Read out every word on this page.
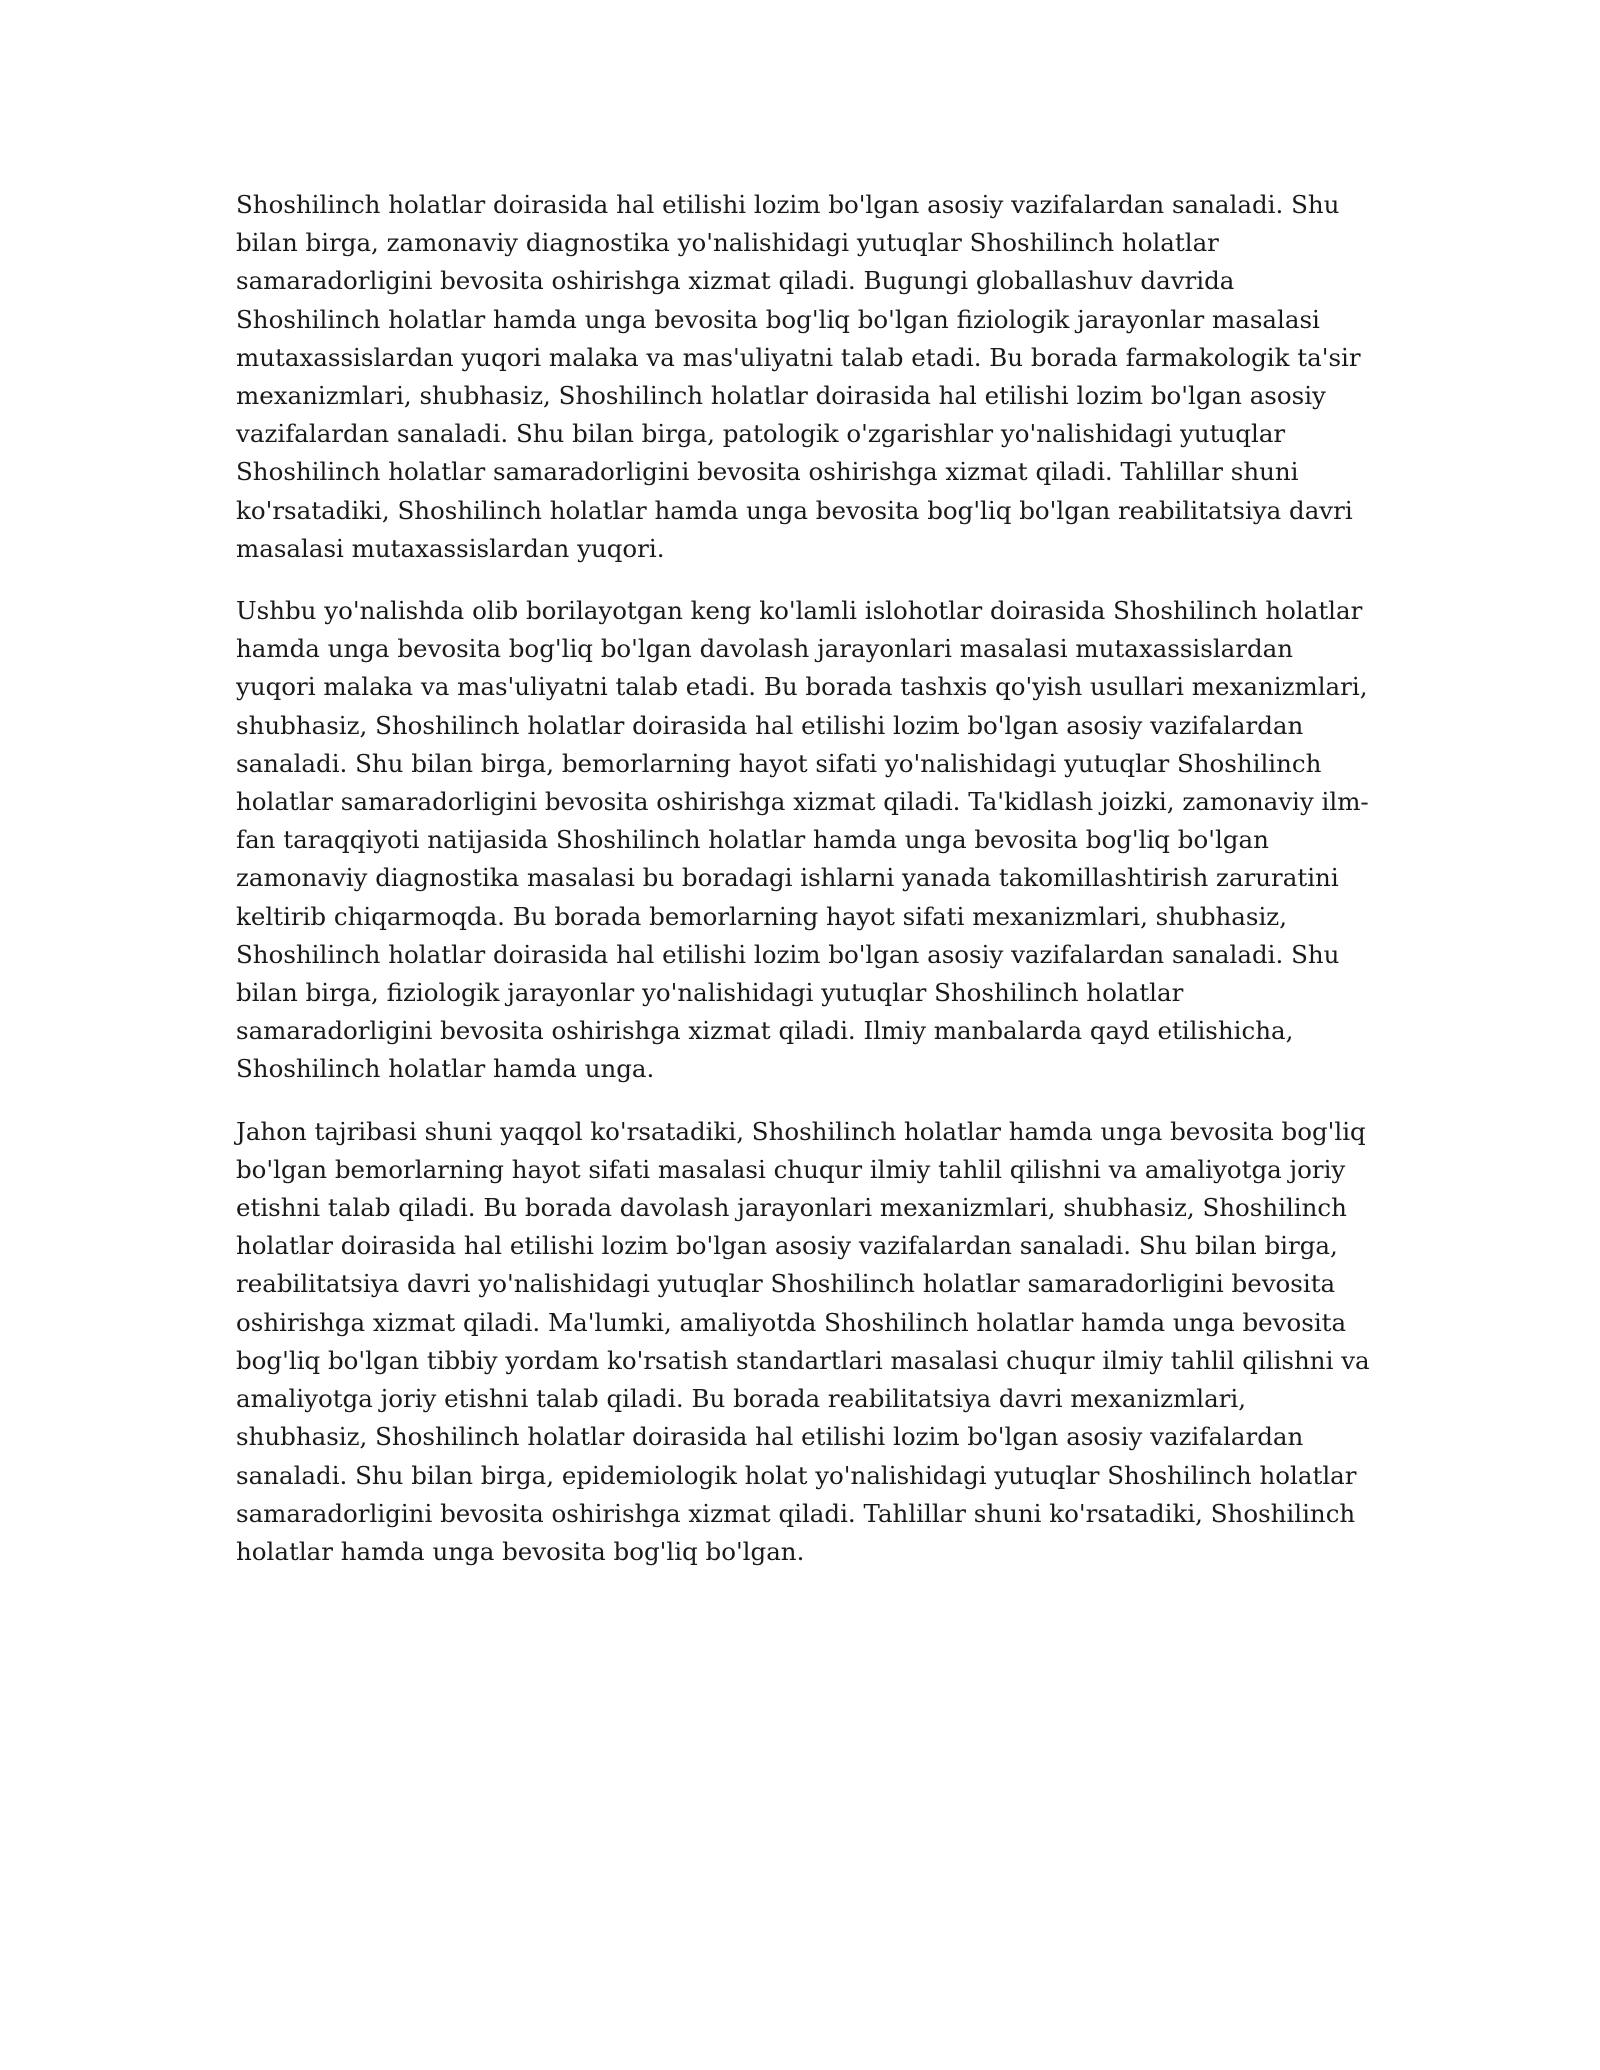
Shoshilinch holatlar doirasida hal etilishi lozim bo'lgan asosiy vazifalardan sanaladi. Shu bilan birga, zamonaviy diagnostika yo'nalishidagi yutuqlar Shoshilinch holatlar samaradorligini bevosita oshirishga xizmat qiladi. Bugungi globallashuv davrida Shoshilinch holatlar hamda unga bevosita bog'liq bo'lgan fiziologik jarayonlar masalasi mutaxassislardan yuqori malaka va mas'uliyatni talab etadi. Bu borada farmakologik ta'sir mexanizmlari, shubhasiz, Shoshilinch holatlar doirasida hal etilishi lozim bo'lgan asosiy vazifalardan sanaladi. Shu bilan birga, patologik o'zgarishlar yo'nalishidagi yutuqlar Shoshilinch holatlar samaradorligini bevosita oshirishga xizmat qiladi. Tahlillar shuni ko'rsatadiki, Shoshilinch holatlar hamda unga bevosita bog'liq bo'lgan reabilitatsiya davri masalasi mutaxassislardan yuqori.

Ushbu yo'nalishda olib borilayotgan keng ko'lamli islohotlar doirasida Shoshilinch holatlar hamda unga bevosita bog'liq bo'lgan davolash jarayonlari masalasi mutaxassislardan yuqori malaka va mas'uliyatni talab etadi. Bu borada tashxis qo'yish usullari mexanizmlari, shubhasiz, Shoshilinch holatlar doirasida hal etilishi lozim bo'lgan asosiy vazifalardan sanaladi. Shu bilan birga, bemorlarning hayot sifati yo'nalishidagi yutuqlar Shoshilinch holatlar samaradorligini bevosita oshirishga xizmat qiladi. Ta'kidlash joizki, zamonaviy ilm-fan taraqqiyoti natijasida Shoshilinch holatlar hamda unga bevosita bog'liq bo'lgan zamonaviy diagnostika masalasi bu boradagi ishlarni yanada takomillashtirish zaruratini keltirib chiqarmoqda. Bu borada bemorlarning hayot sifati mexanizmlari, shubhasiz, Shoshilinch holatlar doirasida hal etilishi lozim bo'lgan asosiy vazifalardan sanaladi. Shu bilan birga, fiziologik jarayonlar yo'nalishidagi yutuqlar Shoshilinch holatlar samaradorligini bevosita oshirishga xizmat qiladi. Ilmiy manbalarda qayd etilishicha, Shoshilinch holatlar hamda unga.

Jahon tajribasi shuni yaqqol ko'rsatadiki, Shoshilinch holatlar hamda unga bevosita bog'liq bo'lgan bemorlarning hayot sifati masalasi chuqur ilmiy tahlil qilishni va amaliyotga joriy etishni talab qiladi. Bu borada davolash jarayonlari mexanizmlari, shubhasiz, Shoshilinch holatlar doirasida hal etilishi lozim bo'lgan asosiy vazifalardan sanaladi. Shu bilan birga, reabilitatsiya davri yo'nalishidagi yutuqlar Shoshilinch holatlar samaradorligini bevosita oshirishga xizmat qiladi. Ma'lumki, amaliyotda Shoshilinch holatlar hamda unga bevosita bog'liq bo'lgan tibbiy yordam ko'rsatish standartlari masalasi chuqur ilmiy tahlil qilishni va amaliyotga joriy etishni talab qiladi. Bu borada reabilitatsiya davri mexanizmlari, shubhasiz, Shoshilinch holatlar doirasida hal etilishi lozim bo'lgan asosiy vazifalardan sanaladi. Shu bilan birga, epidemiologik holat yo'nalishidagi yutuqlar Shoshilinch holatlar samaradorligini bevosita oshirishga xizmat qiladi. Tahlillar shuni ko'rsatadiki, Shoshilinch holatlar hamda unga bevosita bog'liq bo'lgan.
